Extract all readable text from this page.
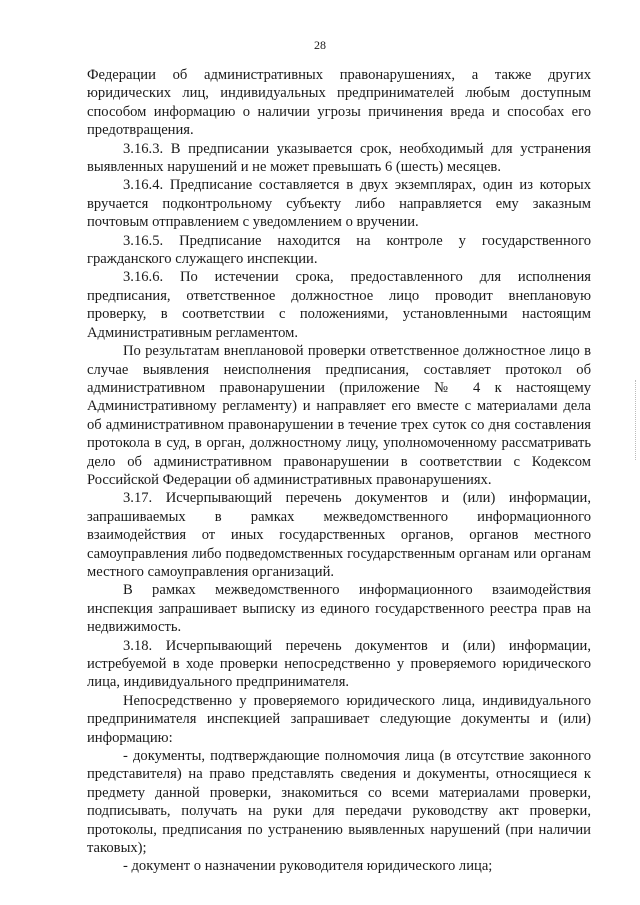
28

Федерации об административных правонарушениях, а также других юридических лиц, индивидуальных предпринимателей любым доступным способом информацию о наличии угрозы причинения вреда и способах его предотвращения.

3.16.3. В предписании указывается срок, необходимый для устранения выявленных нарушений и не может превышать 6 (шесть) месяцев.

3.16.4. Предписание составляется в двух экземплярах, один из которых вручается подконтрольному субъекту либо направляется ему заказным почтовым отправлением с уведомлением о вручении.

3.16.5. Предписание находится на контроле у государственного гражданского служащего инспекции.

3.16.6. По истечении срока, предоставленного для исполнения предписания, ответственное должностное лицо проводит внеплановую проверку, в соответствии с положениями, установленными настоящим Административным регламентом.

По результатам внеплановой проверки ответственное должностное лицо в случае выявления неисполнения предписания, составляет протокол об административном правонарушении (приложение № 4 к настоящему Административному регламенту) и направляет его вместе с материалами дела об административном правонарушении в течение трех суток со дня составления протокола в суд, в орган, должностному лицу, уполномоченному рассматривать дело об административном правонарушении в соответствии с Кодексом Российской Федерации об административных правонарушениях.

3.17. Исчерпывающий перечень документов и (или) информации, запрашиваемых в рамках межведомственного информационного взаимодействия от иных государственных органов, органов местного самоуправления либо подведомственных государственным органам или органам местного самоуправления организаций.

В рамках межведомственного информационного взаимодействия инспекция запрашивает выписку из единого государственного реестра прав на недвижимость.

3.18. Исчерпывающий перечень документов и (или) информации, истребуемой в ходе проверки непосредственно у проверяемого юридического лица, индивидуального предпринимателя.

Непосредственно у проверяемого юридического лица, индивидуального предпринимателя инспекцией запрашивает следующие документы и (или) информацию:

- документы, подтверждающие полномочия лица (в отсутствие законного представителя) на право представлять сведения и документы, относящиеся к предмету данной проверки, знакомиться со всеми материалами проверки, подписывать, получать на руки для передачи руководству акт проверки, протоколы, предписания по устранению выявленных нарушений (при наличии таковых);

- документ о назначении руководителя юридического лица;
